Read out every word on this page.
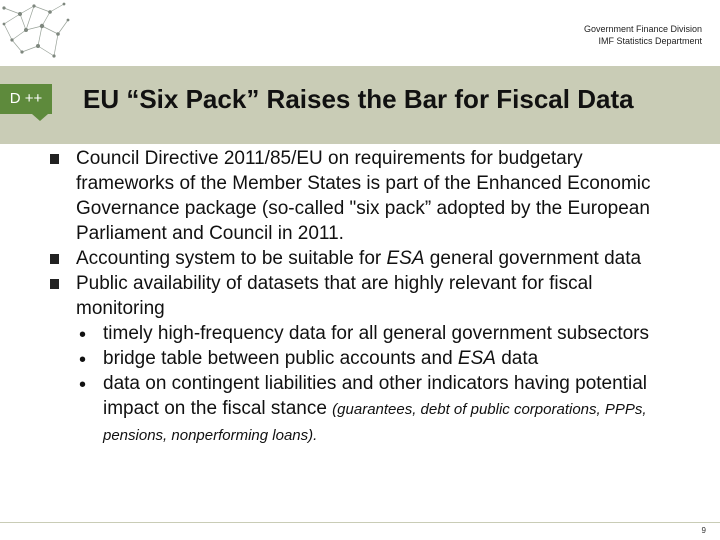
Government Finance Division
IMF Statistics Department
D ++	EU “Six Pack” Raises the Bar for Fiscal Data
Council Directive 2011/85/EU on requirements for budgetary frameworks of the Member States is part of the Enhanced Economic Governance package (so-called "six pack” adopted by the European Parliament and Council in 2011.
Accounting system to be suitable for ESA general government data
Public availability of datasets that are highly relevant for fiscal monitoring
• timely high-frequency data for all general government subsectors
• bridge table between public accounts and ESA data
• data on contingent liabilities and other indicators having potential impact on the fiscal stance (guarantees, debt of public corporations, PPPs, pensions, nonperforming loans).
9
